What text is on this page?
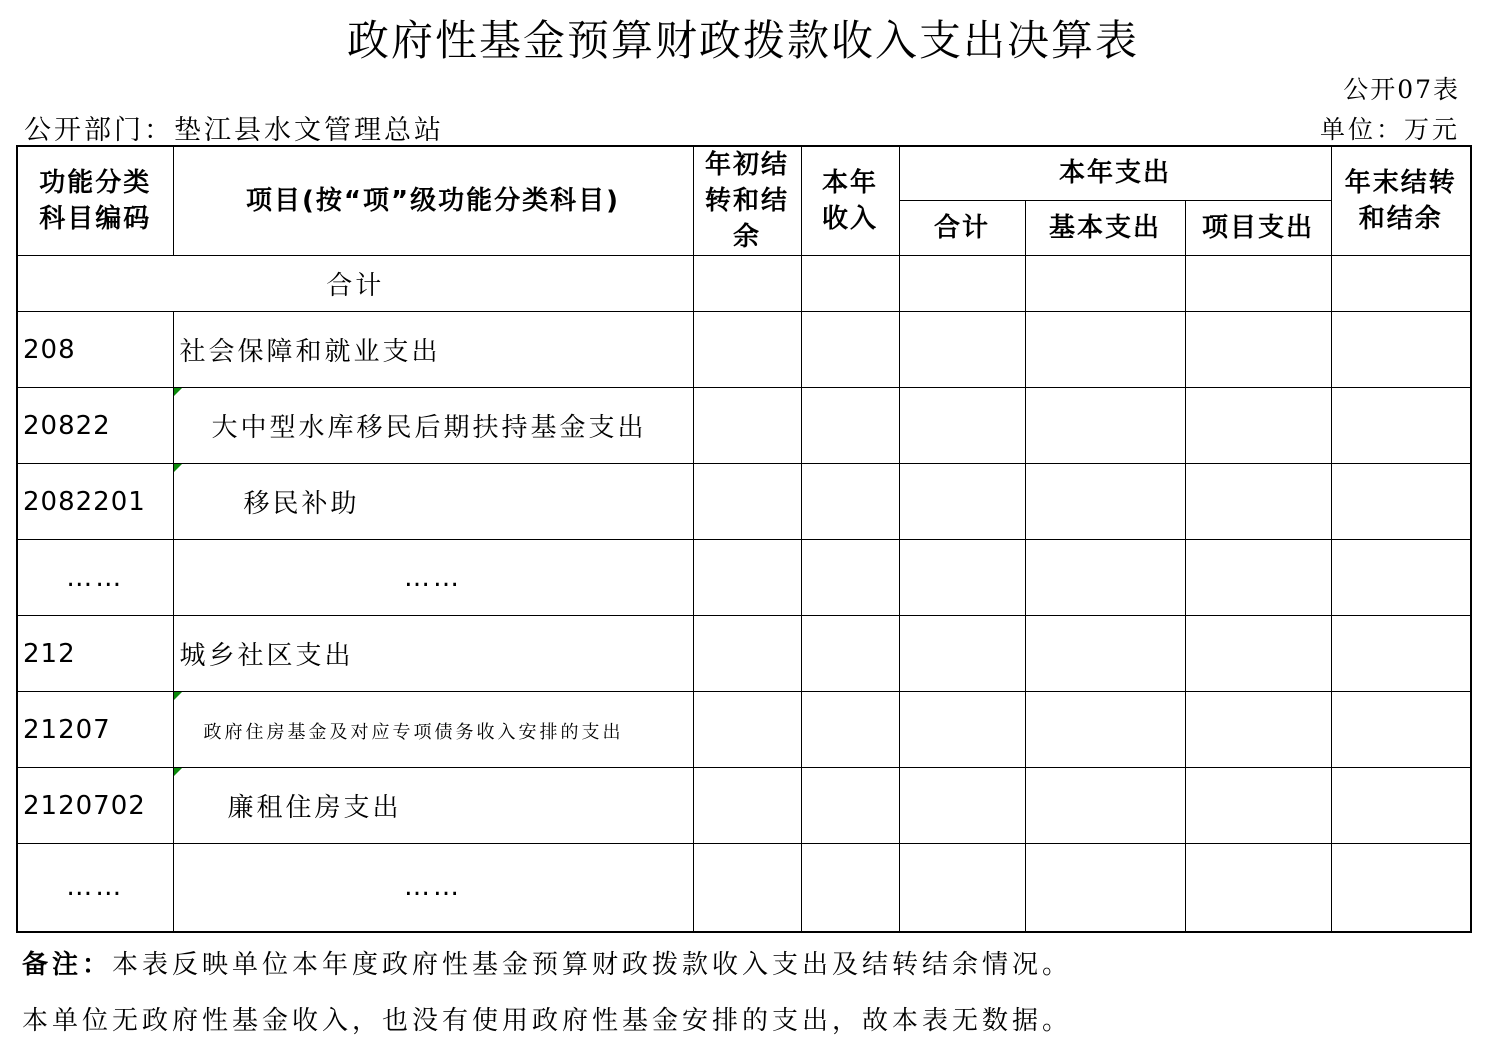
政府性基金预算财政拨款收入支出决算表
公开07表
公开部门：垫江县水文管理总站	单位：万元
功能分类科目编码	项目(按“项”级功能分类科目)	年初结转和结余	本年收入	本年支出			年末结转和结余

				合计	基本支出	项目支出	
合计							
208	社会保障和就业支出						
20822	大中型水库移民后期扶持基金支出						
2082201	移民补助						
……	……						
212	城乡社区支出						
21207	政府住房基金及对应专项债务收入安排的支出						
2120702	廉租住房支出						
……	……						
备注：本表反映单位本年度政府性基金预算财政拨款收入支出及结转结余情况。
本单位无政府性基金收入，也没有使用政府性基金安排的支出，故本表无数据。
